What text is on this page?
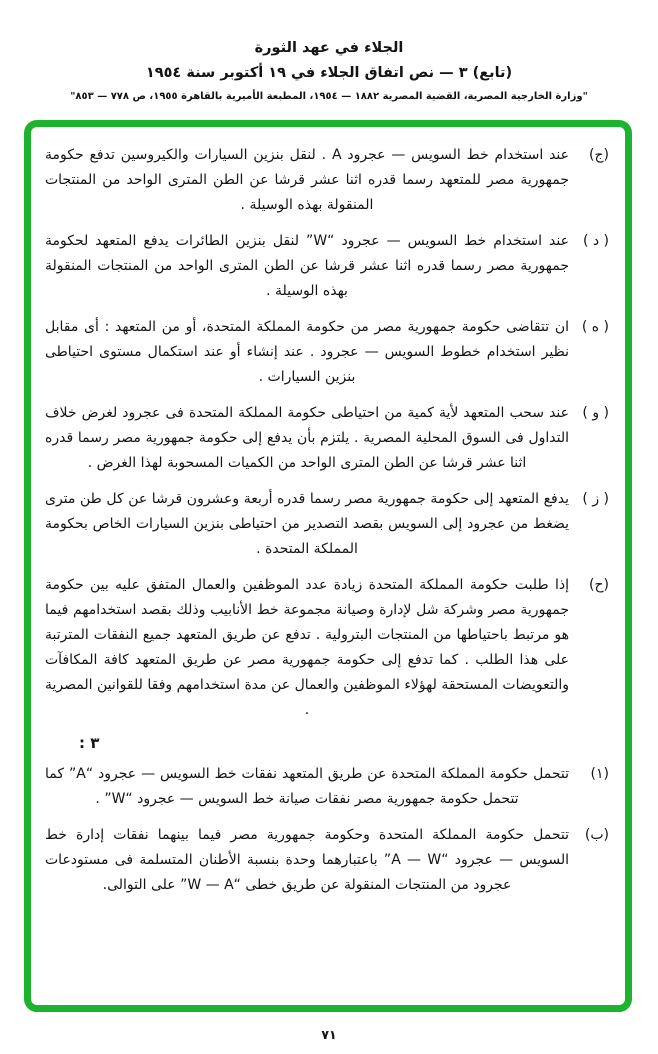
الجلاء في عهد الثورة
(تابع) ٣ — نص اتفاق الجلاء في ١٩ أكتوبر سنة ١٩٥٤
"وزارة الخارجية المصرية، القضية المصرية ١٨٨٢ — ١٩٥٤، المطبعة الأميرية بالقاهرة ١٩٥٥، ص ٧٧٨ — ٨٥٣"
(ج)
عند استخدام خط السويس — عجرود A . لنقل بنزين السيارات والكيروسين تدفع حكومة جمهورية مصر للمتعهد رسما قدره اثنا عشر قرشا عن الطن المترى الواحد من المنتجات المنقولة بهذه الوسيلة .
( د )
عند استخدام خط السويس — عجرود “W” لنقل بنزين الطائرات يدفع المتعهد لحكومة جمهورية مصر رسما قدره اثنا عشر قرشا عن الطن المترى الواحد من المنتجات المنقولة بهذه الوسيلة .
( ه )
ان تتقاضى حكومة جمهورية مصر من حكومة المملكة المتحدة، أو من المتعهد : أى مقابل نظير استخدام خطوط السويس — عجرود . عند إنشاء أو عند استكمال مستوى احتياطى بنزين السيارات .
( و )
عند سحب المتعهد لأية كمية من احتياطى حكومة المملكة المتحدة فى عجرود لغرض خلاف التداول فى السوق المحلية المصرية . يلتزم بأن يدفع إلى حكومة جمهورية مصر رسما قدره اثنا عشر قرشا عن الطن المترى الواحد من الكميات المسحوبة لهذا الغرض .
( ز )
يدفع المتعهد إلى حكومة جمهورية مصر رسما قدره أربعة وعشرون قرشا عن كل طن مترى يضغط من عجرود إلى السويس بقصد التصدير من احتياطى بنزين السيارات الخاص بحكومة المملكة المتحدة .
(ح)
إذا طلبت حكومة المملكة المتحدة زيادة عدد الموظفين والعمال المتفق عليه بين حكومة جمهورية مصر وشركة شل لإدارة وصيانة مجموعة خط الأنابيب وذلك بقصد استخدامهم فيما هو مرتبط باحتياطها من المنتجات البترولية . تدفع عن طريق المتعهد جميع النفقات المترتبة على هذا الطلب . كما تدفع إلى حكومة جمهورية مصر عن طريق المتعهد كافة المكافآت والتعويضات المستحقة لهؤلاء الموظفين والعمال عن مدة استخدامهم وفقا للقوانين المصرية .
٣ :
(١)
تتحمل حكومة المملكة المتحدة عن طريق المتعهد نفقات خط السويس — عجرود “A” كما تتحمل حكومة جمهورية مصر نفقات صيانة خط السويس — عجرود “W” .
(ب)
تتحمل حكومة المملكة المتحدة وحكومة جمهورية مصر فيما بينهما نفقات إدارة خط السويس — عجرود “A — W” باعتبارهما وحدة بنسبة الأطنان المتسلمة فى مستودعات عجرود من المنتجات المنقولة عن طريق خطى “W — A” على التوالى.
٧١
